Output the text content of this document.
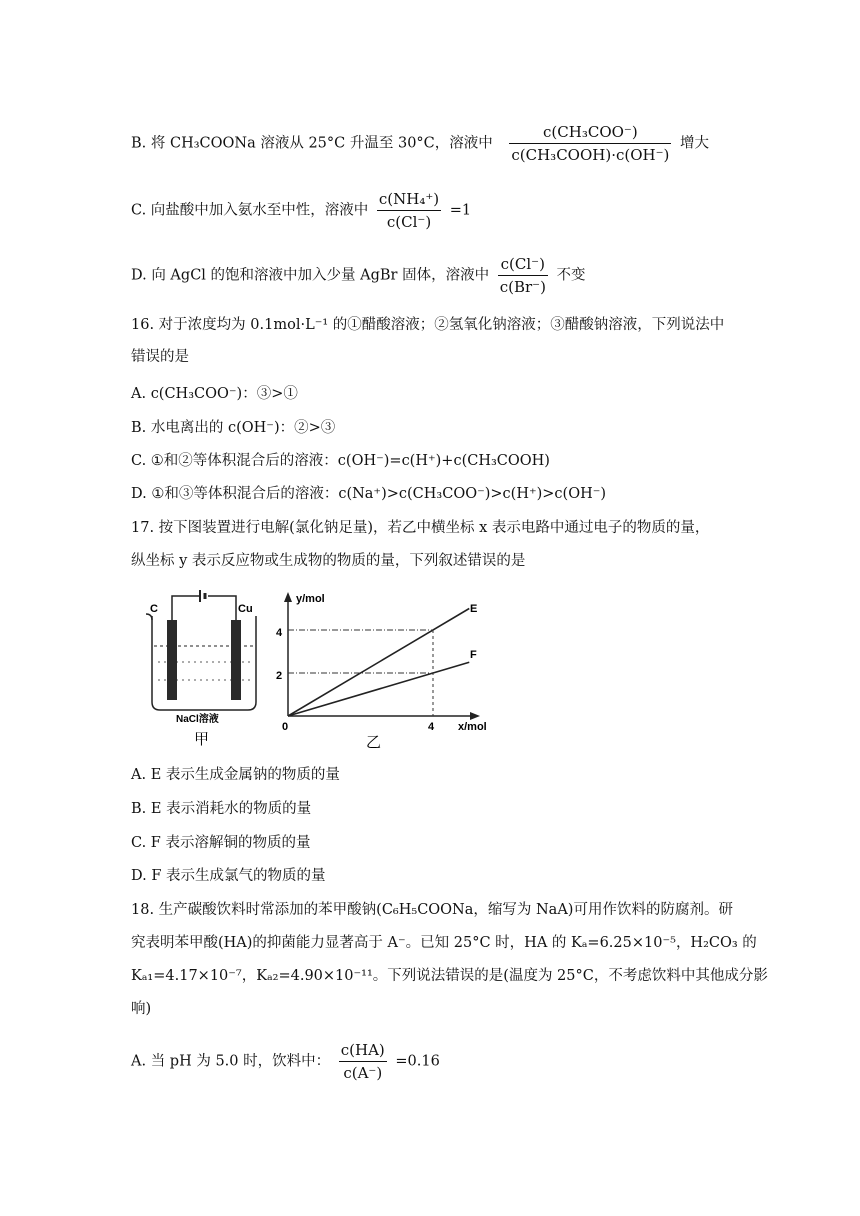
B. 将 CH₃COONa 溶液从 25°C 升温至 30°C，溶液中 $\frac{\text{c(CH₃COO⁻)}}{\text{c(CH₃COOH)·c(OH⁻)}}$ 增大
C. 向盐酸中加入氨水至中性，溶液中 $\frac{\text{c(NH₄⁺)}}{c(Cl^-)} =1$
D. 向 AgCl 的饱和溶液中加入少量 AgBr 固体，溶液中 $\frac{c(Cl^-)}{c(Br^-)}$ 不变
16. 对于浓度均为 0.1mol·L⁻¹ 的①醋酸溶液；②氢氧化钠溶液；③醋酸钠溶液，下列说法中
错误的是
A. c(CH₃COO⁻)：③>①
B. 水电离出的 c(OH⁻)：②>③
C. ①和②等体积混合后的溶液：c(OH⁻)=c(H⁺)+c(CH₃COOH)
D. ①和③等体积混合后的溶液：c(Na⁺)>c(CH₃COO⁻)>c(H⁺)>c(OH⁻)
17. 按下图装置进行电解(氯化钠足量)，若乙中横坐标 x 表示电路中通过电子的物质的量，
纵坐标 y 表示反应物或生成物的物质的量，下列叙述错误的是
C	Cu
NaCl溶液
甲
y/mol
x/mol
0
4
2
4
E
F
乙
A. E 表示生成金属钠的物质的量
B. E 表示消耗水的物质的量
C. F 表示溶解铜的物质的量
D. F 表示生成氯气的物质的量
18. 生产碳酸饮料时常添加的苯甲酸钠(C₆H₅COONa，缩写为 NaA)可用作饮料的防腐剂。研
究表明苯甲酸(HA)的抑菌能力显著高于 A⁻。已知 25°C 时，HA 的 Kₐ=6.25×10⁻⁵，H₂CO₃ 的
Kₐ₁=4.17×10⁻⁷，Kₐ₂=4.90×10⁻¹¹。下列说法错误的是(温度为 25°C，不考虑饮料中其他成分影
响)
A. 当 pH 为 5.0 时，饮料中： $\frac{c(HA)}{c(A^-)} =0.16$
